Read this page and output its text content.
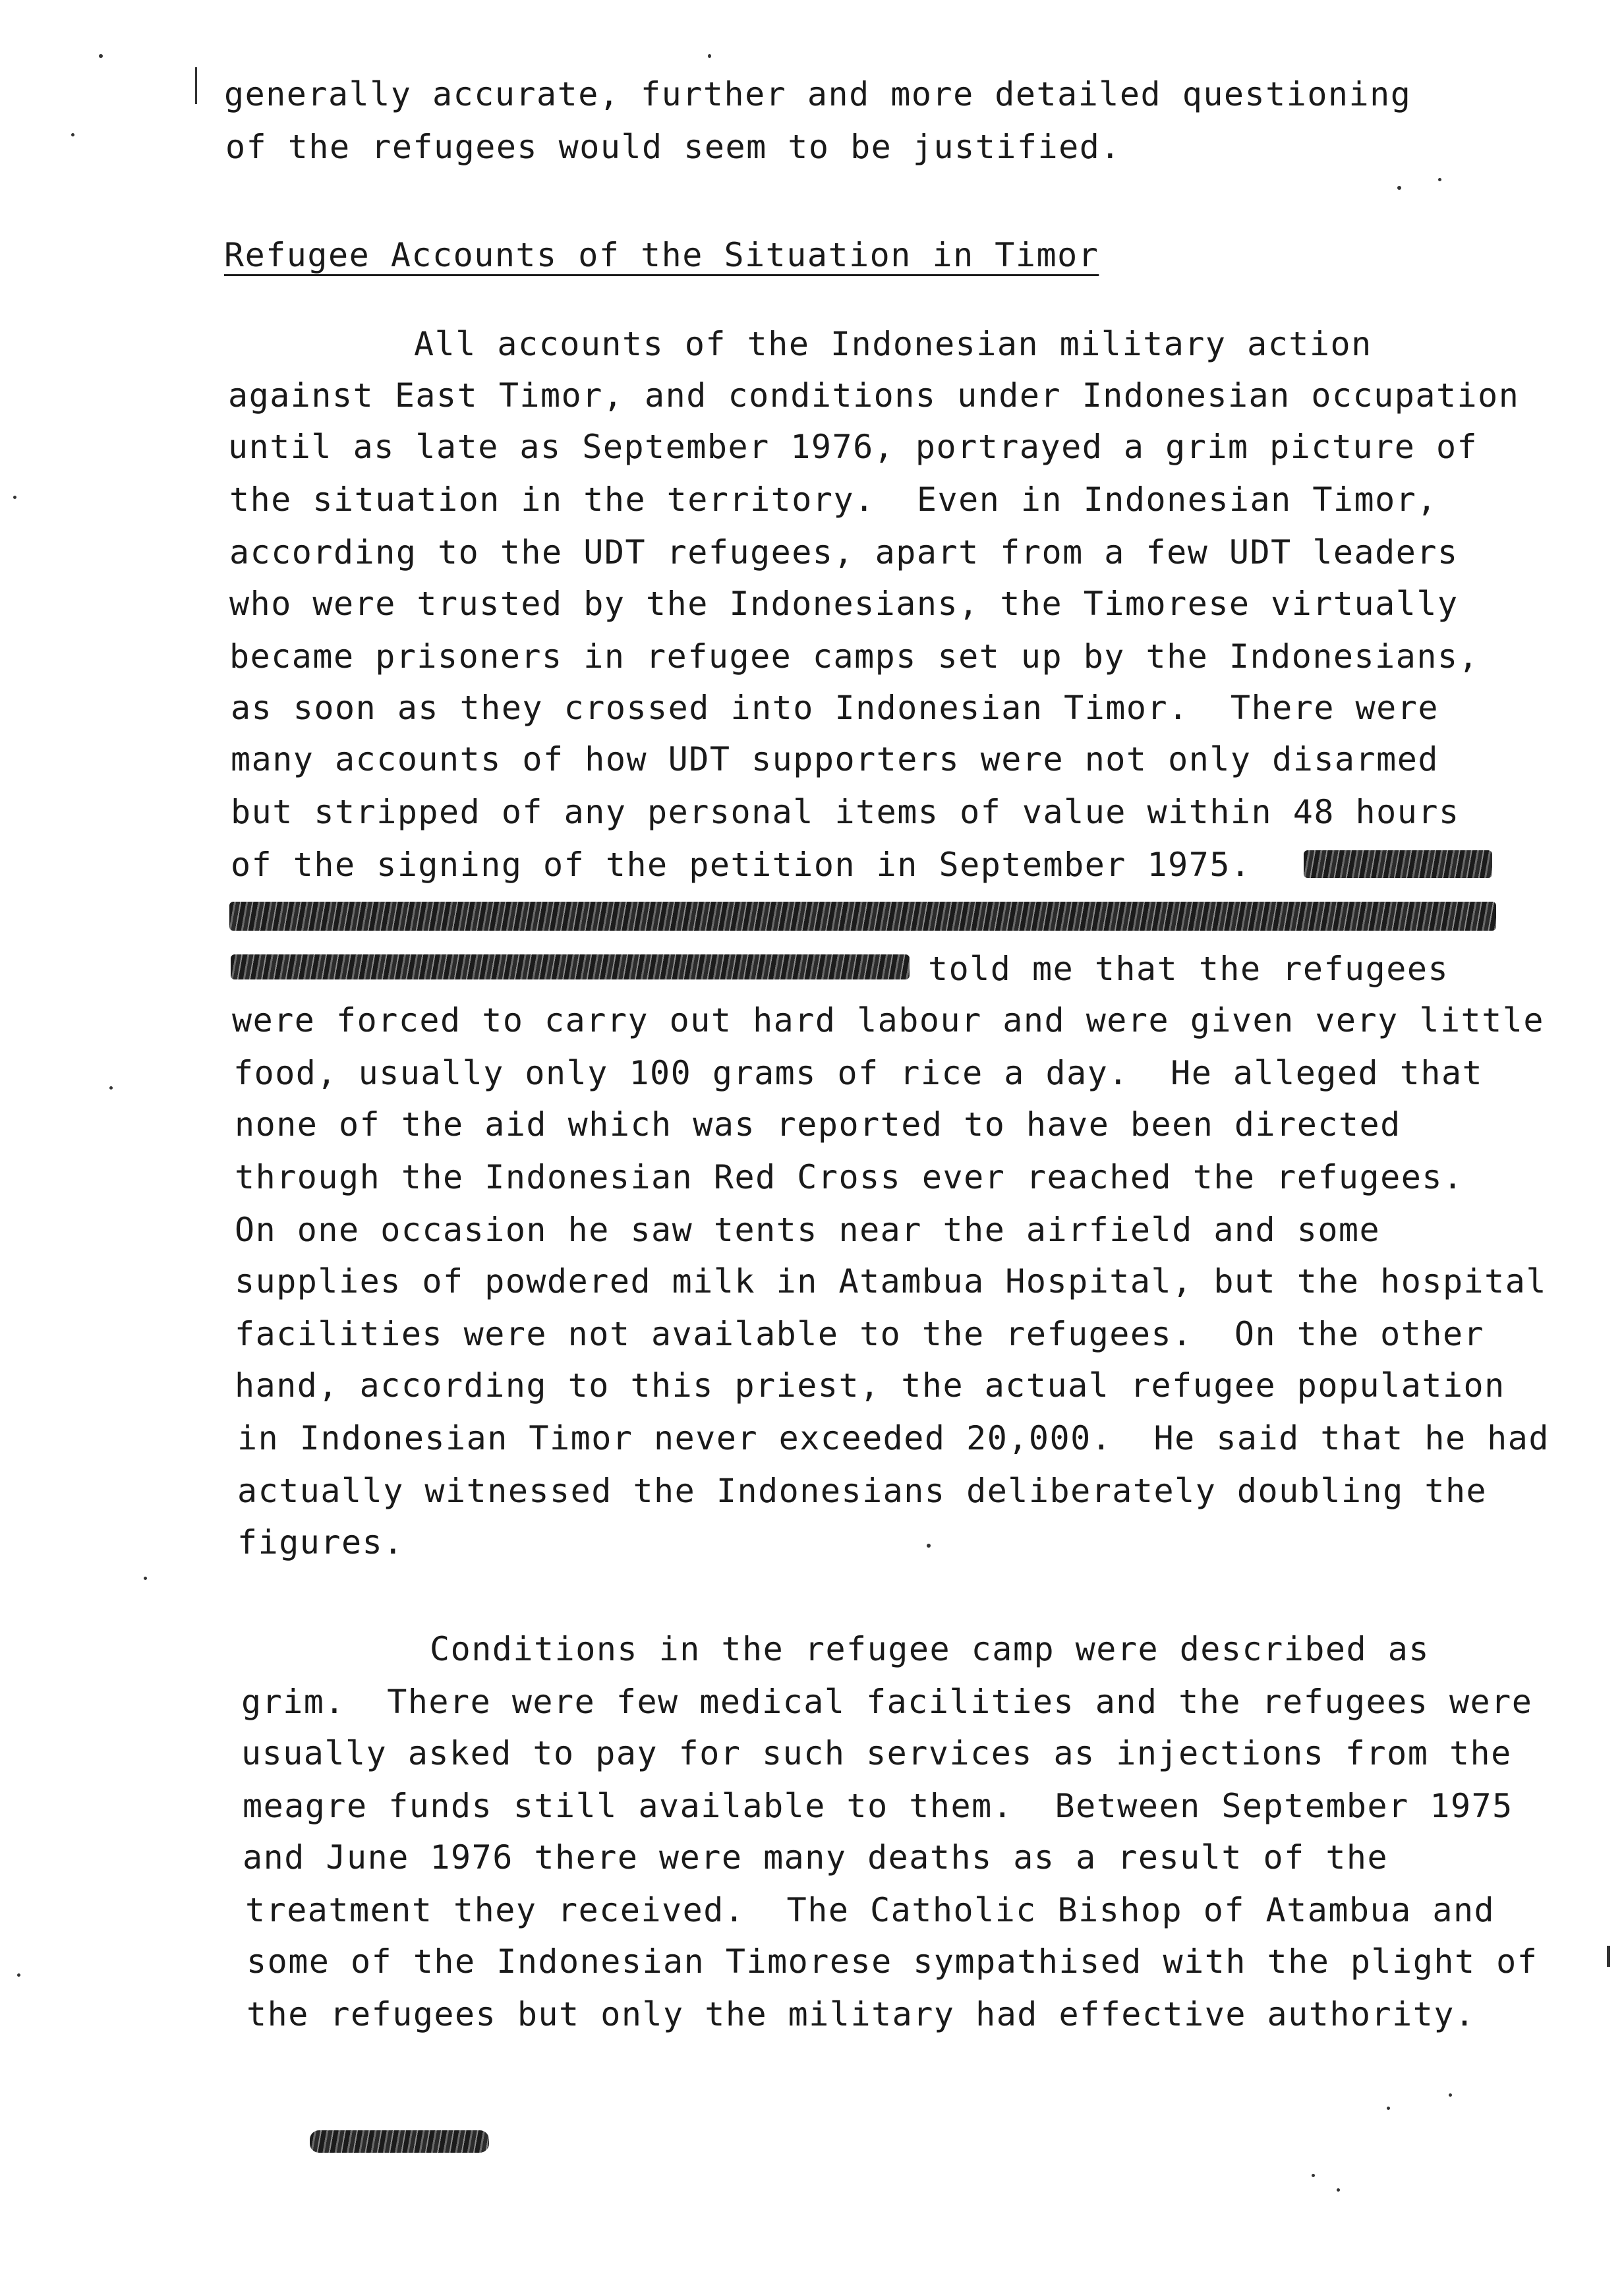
generally accurate, further and more detailed questioning
of the refugees would seem to be justified.
Refugee Accounts of the Situation in Timor
All accounts of the Indonesian military action
against East Timor, and conditions under Indonesian occupation
until as late as September 1976, portrayed a grim picture of
the situation in the territory.  Even in Indonesian Timor,
according to the UDT refugees, apart from a few UDT leaders
who were trusted by the Indonesians, the Timorese virtually
became prisoners in refugee camps set up by the Indonesians,
as soon as they crossed into Indonesian Timor.  There were
many accounts of how UDT supporters were not only disarmed
but stripped of any personal items of value within 48 hours
of the signing of the petition in September 1975.
told me that the refugees
were forced to carry out hard labour and were given very little
food, usually only 100 grams of rice a day.  He alleged that
none of the aid which was reported to have been directed
through the Indonesian Red Cross ever reached the refugees.
On one occasion he saw tents near the airfield and some
supplies of powdered milk in Atambua Hospital, but the hospital
facilities were not available to the refugees.  On the other
hand, according to this priest, the actual refugee population
in Indonesian Timor never exceeded 20,000.  He said that he had
actually witnessed the Indonesians deliberately doubling the
figures.
Conditions in the refugee camp were described as
grim.  There were few medical facilities and the refugees were
usually asked to pay for such services as injections from the
meagre funds still available to them.  Between September 1975
and June 1976 there were many deaths as a result of the
treatment they received.  The Catholic Bishop of Atambua and
some of the Indonesian Timorese sympathised with the plight of
the refugees but only the military had effective authority.
